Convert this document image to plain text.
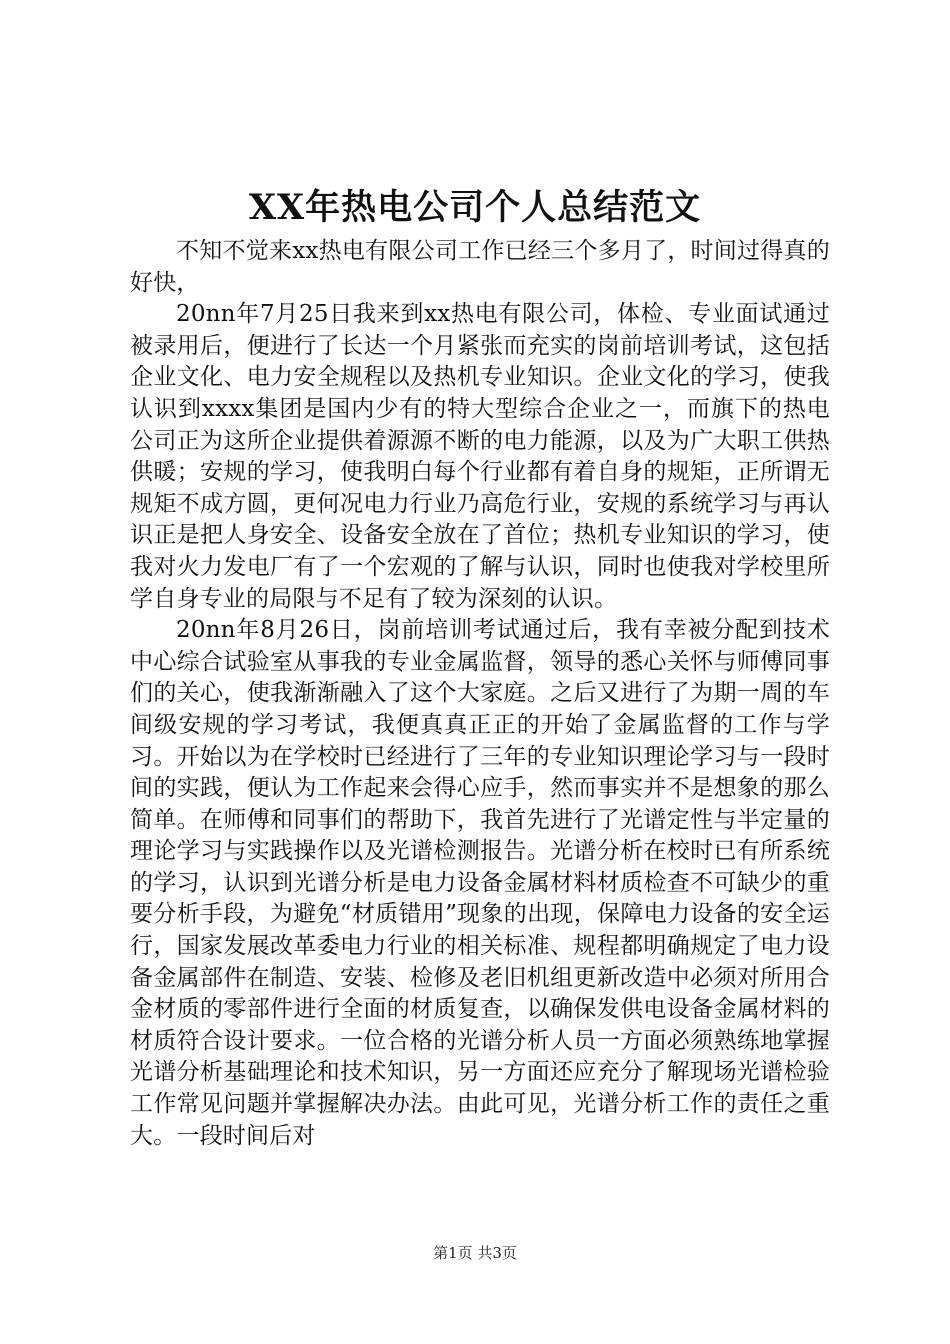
XX年热电公司个人总结范文

不知不觉来xx热电有限公司工作已经三个多月了，时间过得真的好快，

20nn年7月25日我来到xx热电有限公司，体检、专业面试通过被录用后，便进行了长达一个月紧张而充实的岗前培训考试，这包括企业文化、电力安全规程以及热机专业知识。企业文化的学习，使我认识到xxxx集团是国内少有的特大型综合企业之一，而旗下的热电公司正为这所企业提供着源源不断的电力能源，以及为广大职工供热供暖；安规的学习，使我明白每个行业都有着自身的规矩，正所谓无规矩不成方圆，更何况电力行业乃高危行业，安规的系统学习与再认识正是把人身安全、设备安全放在了首位；热机专业知识的学习，使我对火力发电厂有了一个宏观的了解与认识，同时也使我对学校里所学自身专业的局限与不足有了较为深刻的认识。

20nn年8月26日，岗前培训考试通过后，我有幸被分配到技术中心综合试验室从事我的专业金属监督，领导的悉心关怀与师傅同事们的关心，使我渐渐融入了这个大家庭。之后又进行了为期一周的车间级安规的学习考试，我便真真正正的开始了金属监督的工作与学习。开始以为在学校时已经进行了三年的专业知识理论学习与一段时间的实践，便认为工作起来会得心应手，然而事实并不是想象的那么简单。在师傅和同事们的帮助下，我首先进行了光谱定性与半定量的理论学习与实践操作以及光谱检测报告。光谱分析在校时已有所系统的学习，认识到光谱分析是电力设备金属材料材质检查不可缺少的重要分析手段，为避免“材质错用”现象的出现，保障电力设备的安全运行，国家发展改革委电力行业的相关标准、规程都明确规定了电力设备金属部件在制造、安装、检修及老旧机组更新改造中必须对所用合金材质的零部件进行全面的材质复查，以确保发供电设备金属材料的材质符合设计要求。一位合格的光谱分析人员一方面必须熟练地掌握光谱分析基础理论和技术知识，另一方面还应充分了解现场光谱检验工作常见问题并掌握解决办法。由此可见，光谱分析工作的责任之重大。一段时间后对

第1页 共3页
